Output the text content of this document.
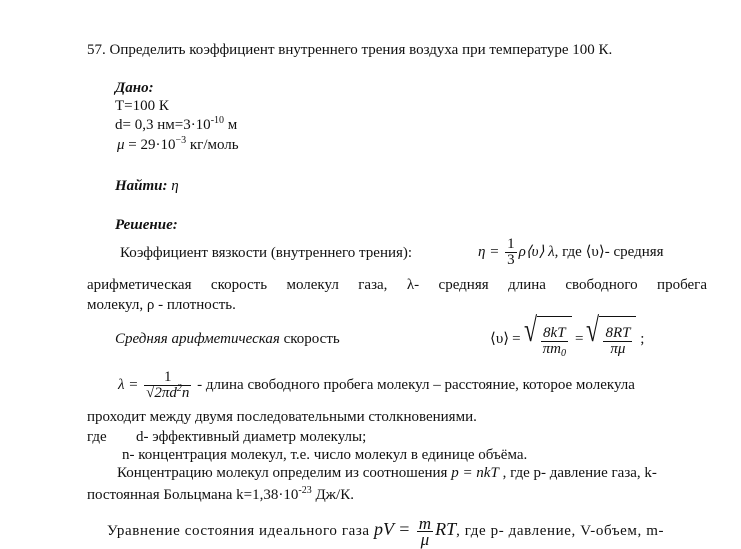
57. Определить коэффициент внутреннего трения воздуха при температуре 100 К.
Дано:
T=100 К
d= 0,3 $нм=3\cdot 10^{-10}$ м
$\mu = 29\cdot 10^{-3}$ кг/моль
Найти: η
Решение:
Коэффициент вязкости (внутреннего трения):	$\eta = \frac{1}{3}$ ρ⟨υ⟩ λ, где ⟨υ⟩- средняя
арифметическая скорость молекул газа, λ- средняя длина свободного пробега
молекул, ρ - плотность.
Средняя арифметическая скорость	⟨υ⟩ = √ $\frac{8kT}{\pi m_0}$ = √ $\frac{8RT}{\pi\mu}$ ;
$\lambda = \frac{1}{√2\pi d^2n}$ - длина свободного пробега молекул – расстояние, которое молекула
проходит между двумя последовательными столкновениями.
где d- эффективный диаметр молекулы;
n- концентрация молекул, т.е. число молекул в единице объёма.
Концентрацию молекул определим из соотношения p = nkT , где p- давление газа, k-
постоянная Больцмана $k=1,38\cdot 10^{-23}$ Дж/К.
Уравнение состояния идеального газа pV = $\frac{m}{\mu}$ RT, где p- давление, V-объем, m-
